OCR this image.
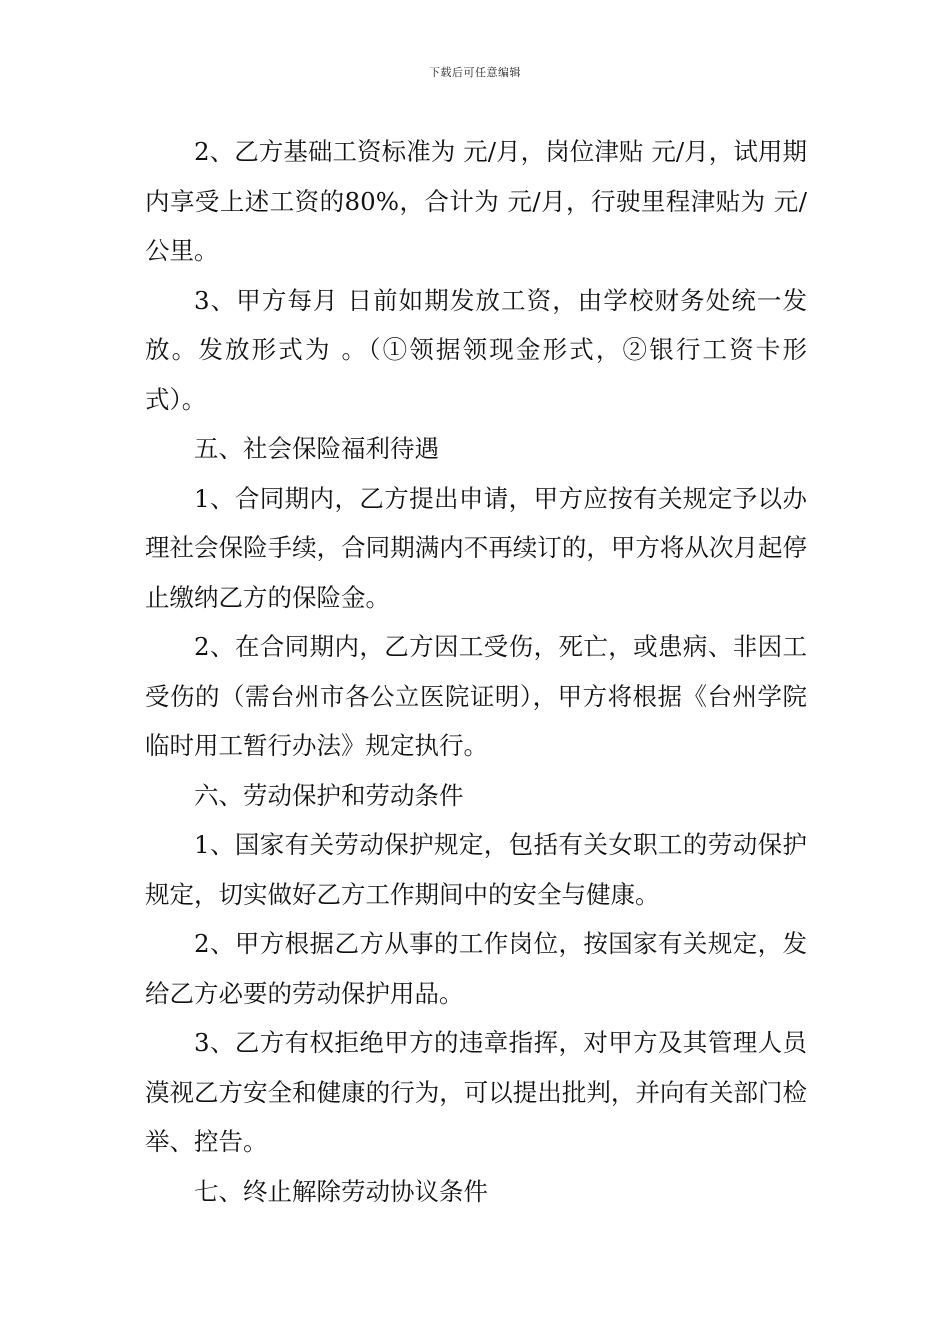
下载后可任意编辑

2、乙方基础工资标准为 元/月，岗位津贴 元/月，试用期内享受上述工资的80%，合计为 元/月，行驶里程津贴为 元/公里。

3、甲方每月 日前如期发放工资，由学校财务处统一发放。发放形式为 。（①领据领现金形式，②银行工资卡形式）。

五、社会保险福利待遇

1、合同期内，乙方提出申请，甲方应按有关规定予以办理社会保险手续，合同期满内不再续订的，甲方将从次月起停止缴纳乙方的保险金。

2、在合同期内，乙方因工受伤，死亡，或患病、非因工受伤的（需台州市各公立医院证明），甲方将根据《台州学院临时用工暂行办法》规定执行。

六、劳动保护和劳动条件

1、国家有关劳动保护规定，包括有关女职工的劳动保护规定，切实做好乙方工作期间中的安全与健康。

2、甲方根据乙方从事的工作岗位，按国家有关规定，发给乙方必要的劳动保护用品。

3、乙方有权拒绝甲方的违章指挥，对甲方及其管理人员漠视乙方安全和健康的行为，可以提出批判，并向有关部门检举、控告。

七、终止解除劳动协议条件
